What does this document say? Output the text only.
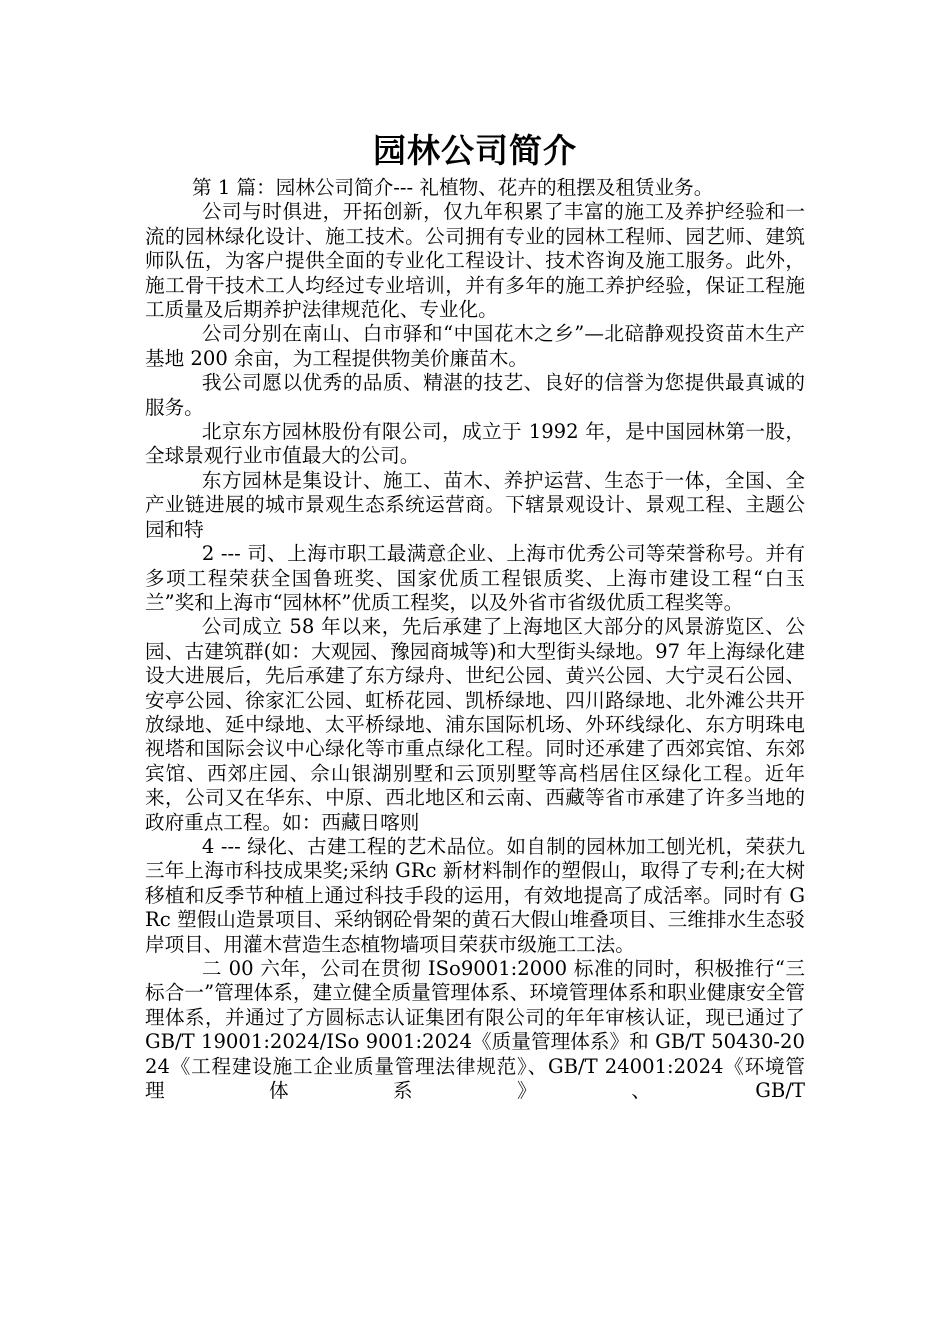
园林公司简介

第 1 篇：园林公司简介--- 礼植物、花卉的租摆及租赁业务。

公司与时俱进，开拓创新，仅九年积累了丰富的施工及养护经验和一流的园林绿化设计、施工技术。公司拥有专业的园林工程师、园艺师、建筑师队伍，为客户提供全面的专业化工程设计、技术咨询及施工服务。此外，施工骨干技术工人均经过专业培训，并有多年的施工养护经验，保证工程施工质量及后期养护法律规范化、专业化。

公司分别在南山、白市驿和“中国花木之乡”—北碚静观投资苗木生产基地 200 余亩，为工程提供物美价廉苗木。

我公司愿以优秀的品质、精湛的技艺、良好的信誉为您提供最真诚的服务。

北京东方园林股份有限公司，成立于 1992 年，是中国园林第一股，全球景观行业市值最大的公司。

东方园林是集设计、施工、苗木、养护运营、生态于一体，全国、全产业链进展的城市景观生态系统运营商。下辖景观设计、景观工程、主题公园和特

2 --- 司、上海市职工最满意企业、上海市优秀公司等荣誉称号。并有多项工程荣获全国鲁班奖、国家优质工程银质奖、上海市建设工程“白玉兰”奖和上海市“园林杯”优质工程奖，以及外省市省级优质工程奖等。

公司成立 58 年以来，先后承建了上海地区大部分的风景游览区、公园、古建筑群(如：大观园、豫园商城等)和大型街头绿地。97 年上海绿化建设大进展后，先后承建了东方绿舟、世纪公园、黄兴公园、大宁灵石公园、安亭公园、徐家汇公园、虹桥花园、凯桥绿地、四川路绿地、北外滩公共开放绿地、延中绿地、太平桥绿地、浦东国际机场、外环线绿化、东方明珠电视塔和国际会议中心绿化等市重点绿化工程。同时还承建了西郊宾馆、东郊宾馆、西郊庄园、佘山银湖别墅和云顶别墅等高档居住区绿化工程。近年来，公司又在华东、中原、西北地区和云南、西藏等省市承建了许多当地的政府重点工程。如：西藏日喀则

4 --- 绿化、古建工程的艺术品位。如自制的园林加工刨光机，荣获九三年上海市科技成果奖;采纳 GRc 新材料制作的塑假山，取得了专利;在大树移植和反季节种植上通过科技手段的运用，有效地提高了成活率。同时有 GRc 塑假山造景项目、采纳钢砼骨架的黄石大假山堆叠项目、三维排水生态驳岸项目、用灌木营造生态植物墙项目荣获市级施工工法。

二 00 六年，公司在贯彻 ISo9001:2000 标准的同时，积极推行“三标合一”管理体系，建立健全质量管理体系、环境管理体系和职业健康安全管理体系，并通过了方圆标志认证集团有限公司的年年审核认证，现已通过了 GB/T 19001:2024/ISo 9001:2024《质量管理体系》和 GB/T 50430-2024《工程建设施工企业质量管理法律规范》、GB/T 24001:2024《环境管理体系》、GB/T
